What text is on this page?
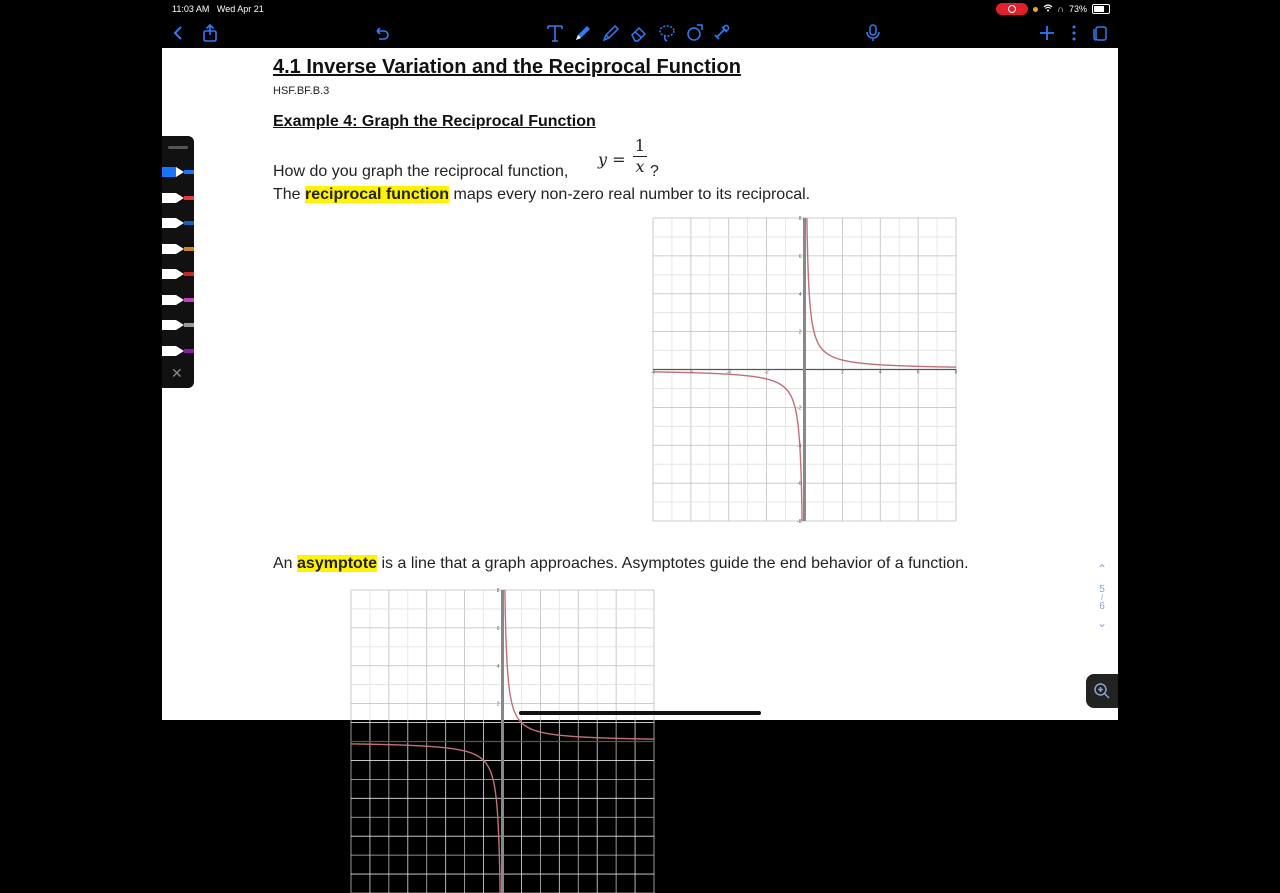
11:03 AM Wed Apr 21	∩ 73%
4.1 Inverse Variation and the Reciprocal Function
HSF.BF.B.3
Example 4: Graph the Reciprocal Function
y =
1
x ?
How do you graph the reciprocal function,
The reciprocal function maps every non-zero real number to its reciprocal.
-8	-6	-4	-2	2	4	6	8
8
6
4
2
-2
-4
-6
-8
An asymptote is a line that a graph approaches. Asymptotes guide the end behavior of a function.
8
6
4
2
✕
⌃
5
/
6
⌄
